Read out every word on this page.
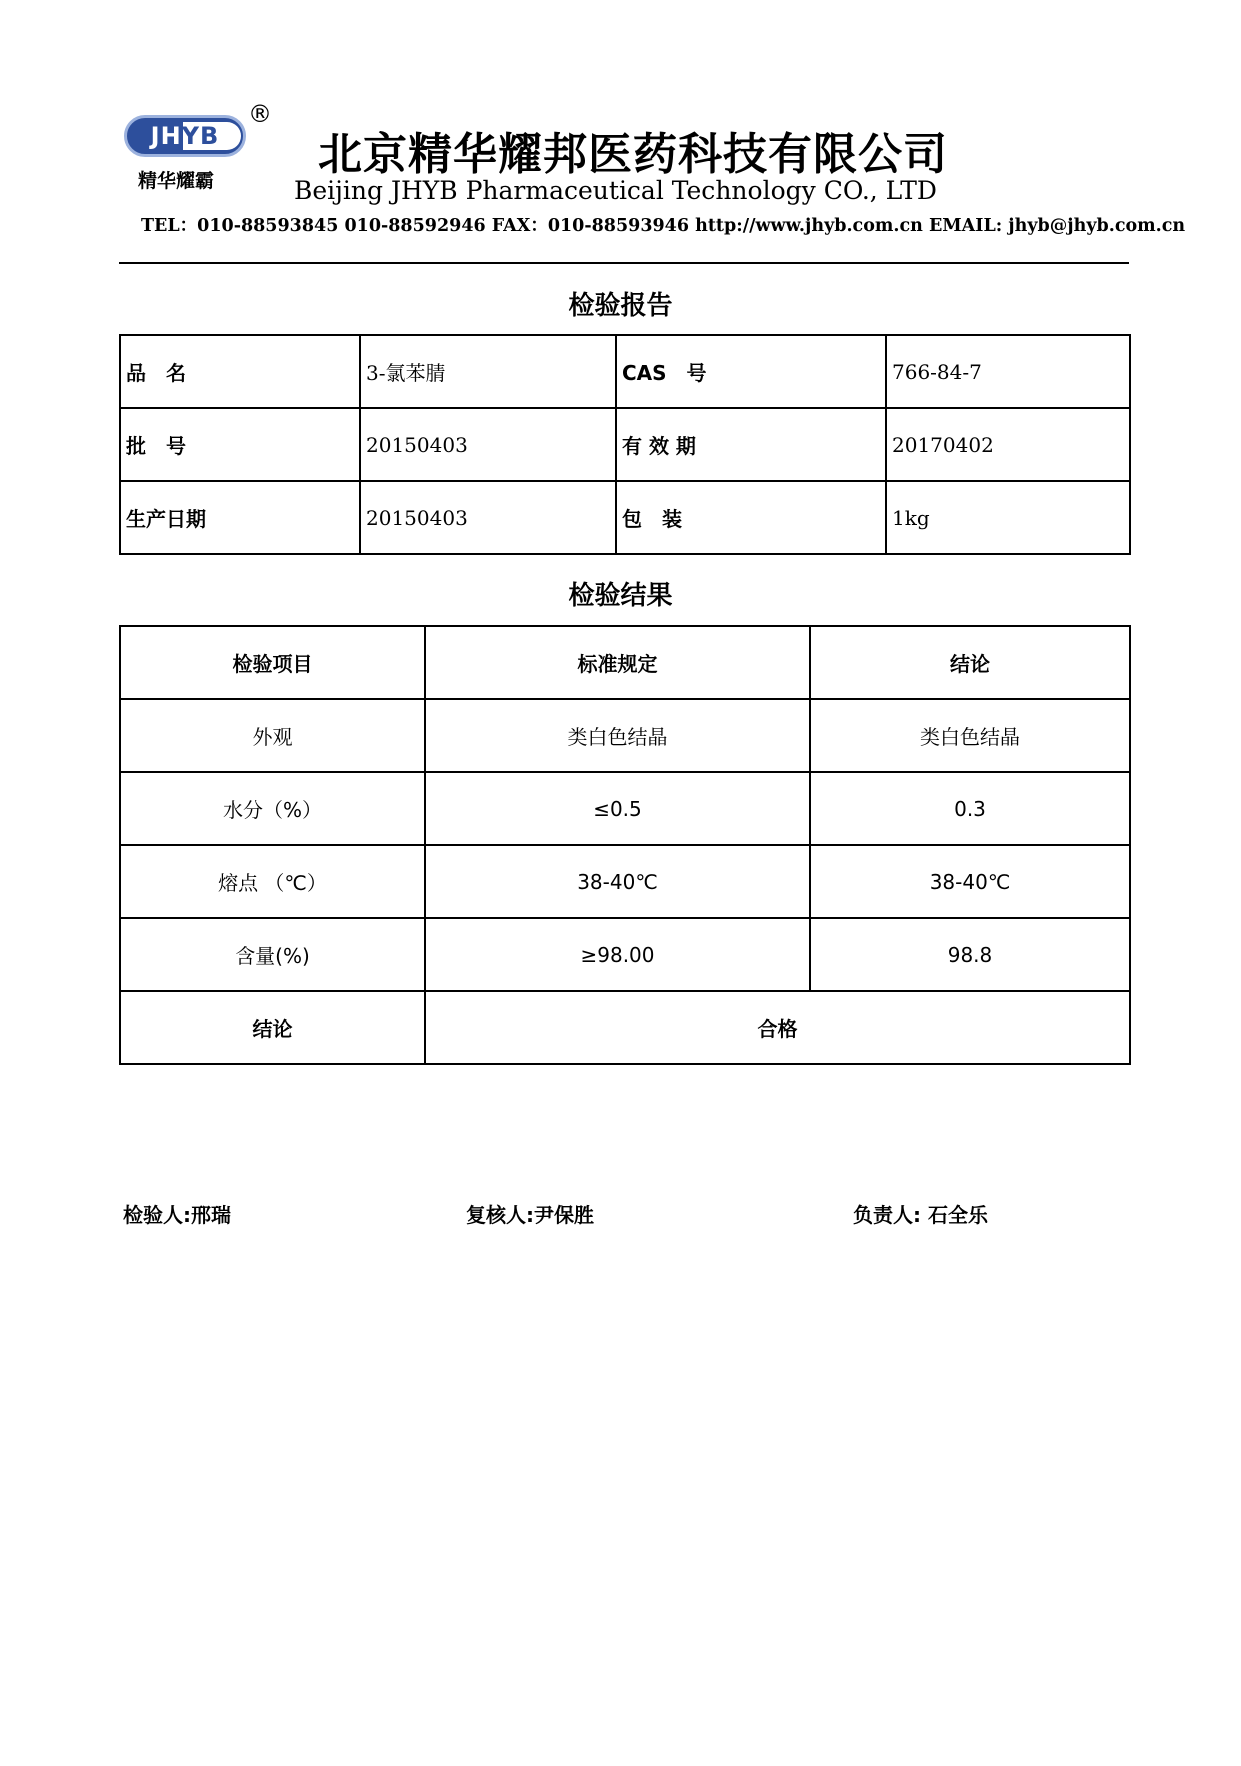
JHYB
®
精华耀霸
北京精华耀邦医药科技有限公司
Beijing JHYB Pharmaceutical Technology CO., LTD
TEL：010-88593845 010-88592946 FAX：010-88593946 http://www.jhyb.com.cn EMAIL: jhyb@jhyb.com.cn
检验报告
品　名	3-氯苯腈	CAS　号	766-84-7
批　号	20150403	有 效 期	20170402
生产日期	20150403	包　装	1kg
检验结果
检验项目	标准规定	结论
外观	类白色结晶	类白色结晶
水分（%）	≤0.5	0.3
熔点 （℃）	38-40℃	38-40℃
含量(%)	≥98.00	98.8
结论	合格	
检验人:邢瑞	复核人:尹保胜	负责人: 石全乐
